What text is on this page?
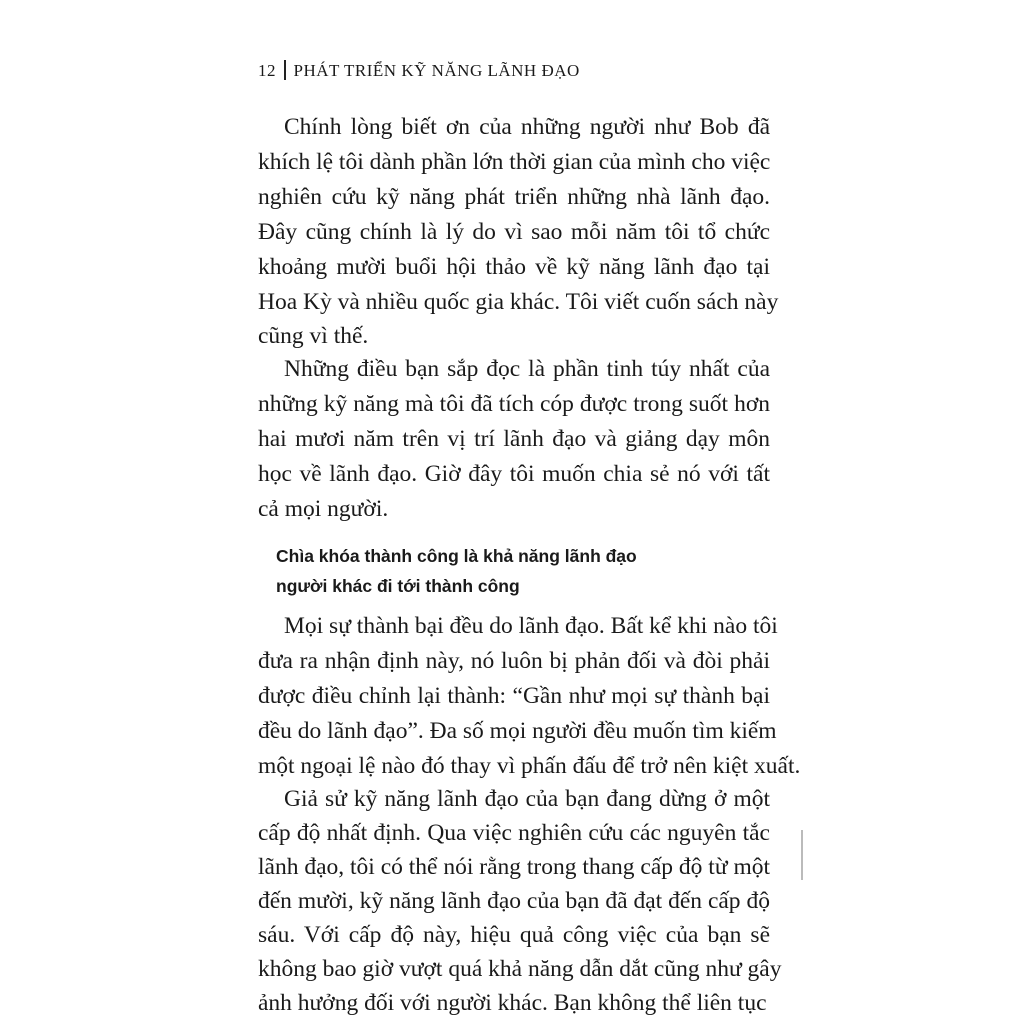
12 PHÁT TRIỂN KỸ NĂNG LÃNH ĐẠO
Chính lòng biết ơn của những người như Bob đã
khích lệ tôi dành phần lớn thời gian của mình cho việc
nghiên cứu kỹ năng phát triển những nhà lãnh đạo.
Đây cũng chính là lý do vì sao mỗi năm tôi tổ chức
khoảng mười buổi hội thảo về kỹ năng lãnh đạo tại
Hoa Kỳ và nhiều quốc gia khác. Tôi viết cuốn sách này
cũng vì thế.
Những điều bạn sắp đọc là phần tinh túy nhất của
những kỹ năng mà tôi đã tích cóp được trong suốt hơn
hai mươi năm trên vị trí lãnh đạo và giảng dạy môn
học về lãnh đạo. Giờ đây tôi muốn chia sẻ nó với tất
cả mọi người.
Mọi sự thành bại đều do lãnh đạo. Bất kể khi nào tôi
đưa ra nhận định này, nó luôn bị phản đối và đòi phải
được điều chỉnh lại thành: “Gần như mọi sự thành bại
đều do lãnh đạo”. Đa số mọi người đều muốn tìm kiếm
một ngoại lệ nào đó thay vì phấn đấu để trở nên kiệt xuất.
Giả sử kỹ năng lãnh đạo của bạn đang dừng ở một
cấp độ nhất định. Qua việc nghiên cứu các nguyên tắc
lãnh đạo, tôi có thể nói rằng trong thang cấp độ từ một
đến mười, kỹ năng lãnh đạo của bạn đã đạt đến cấp độ
sáu. Với cấp độ này, hiệu quả công việc của bạn sẽ
không bao giờ vượt quá khả năng dẫn dắt cũng như gây
ảnh hưởng đối với người khác. Bạn không thể liên tục
Chìa khóa thành công là khả năng lãnh đạo
người khác đi tới thành công
